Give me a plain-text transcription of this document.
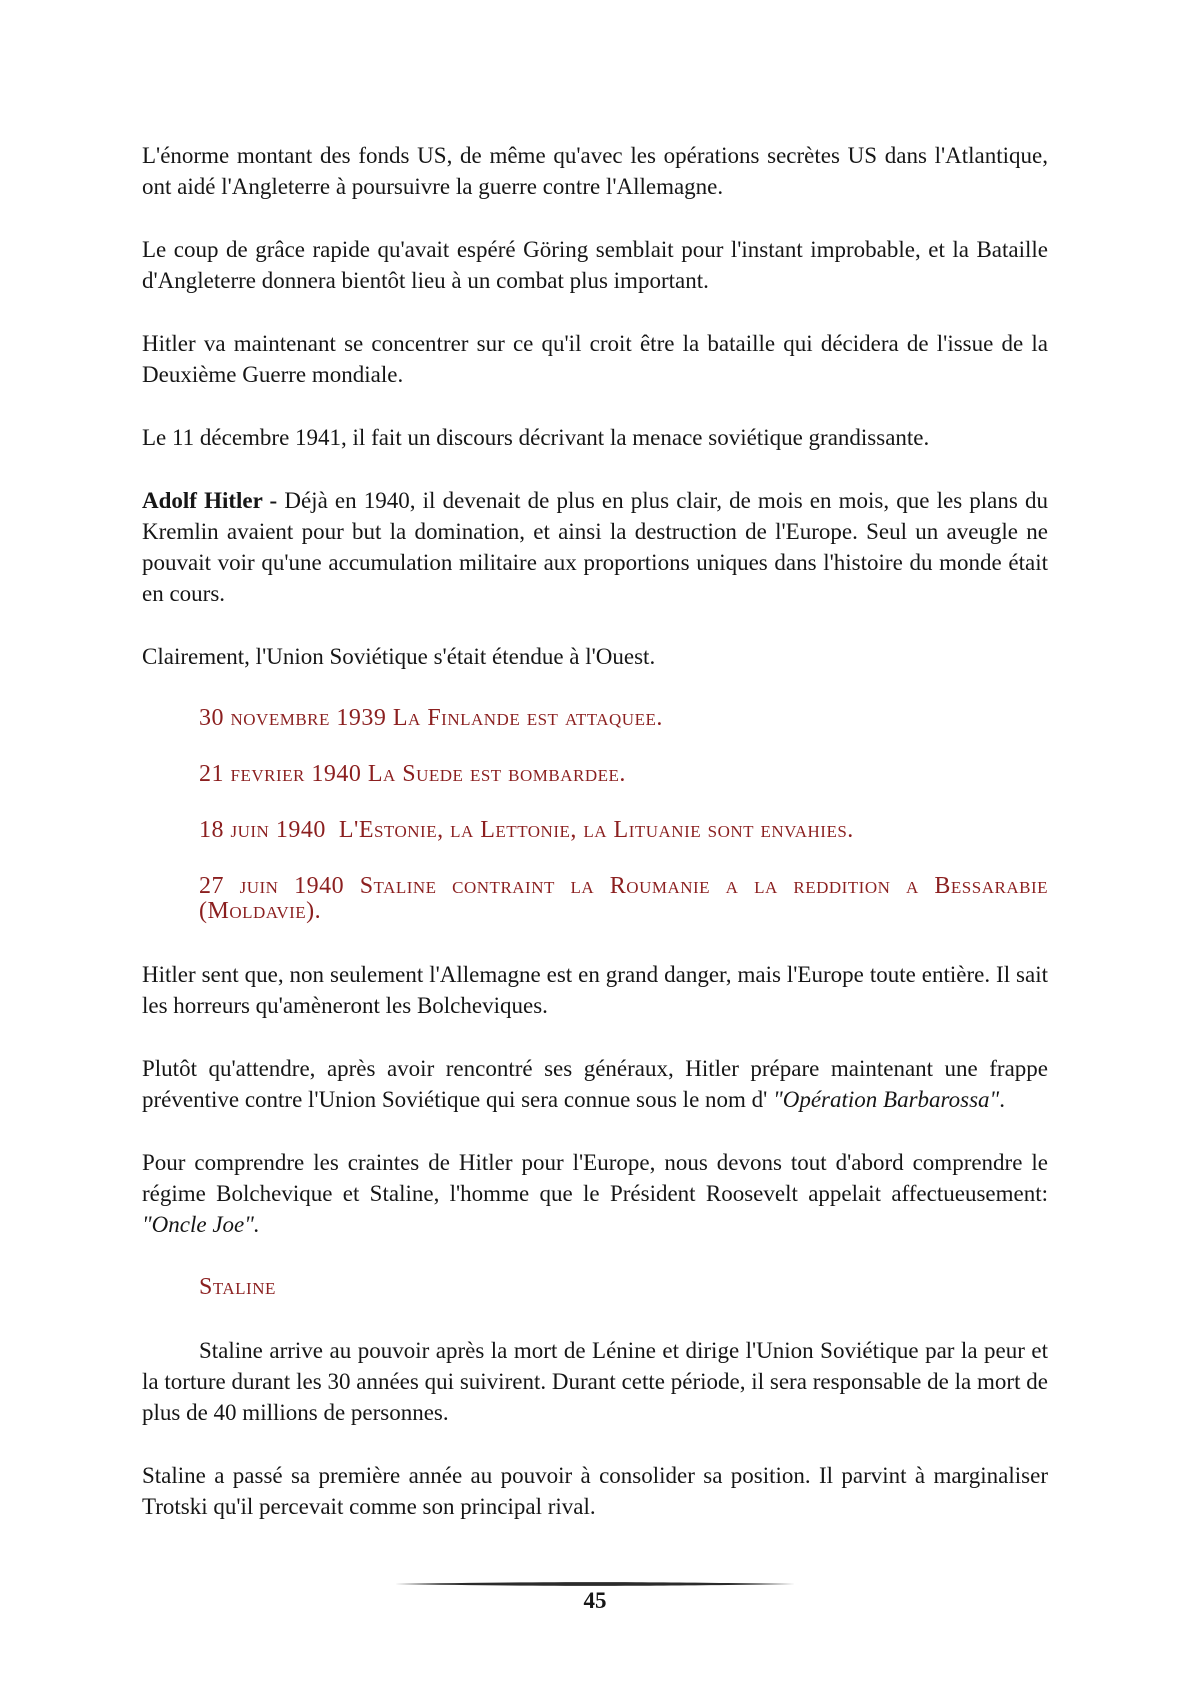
L'énorme montant des fonds US, de même qu'avec les opérations secrètes US dans l'Atlantique, ont aidé l'Angleterre à poursuivre la guerre contre l'Allemagne.

Le coup de grâce rapide qu'avait espéré Göring semblait pour l'instant improbable, et la Bataille d'Angleterre donnera bientôt lieu à un combat plus important.

Hitler va maintenant se concentrer sur ce qu'il croit être la bataille qui décidera de l'issue de la Deuxième Guerre mondiale.

Le 11 décembre 1941, il fait un discours décrivant la menace soviétique grandissante.

Adolf Hitler - Déjà en 1940, il devenait de plus en plus clair, de mois en mois, que les plans du Kremlin avaient pour but la domination, et ainsi la destruction de l'Europe. Seul un aveugle ne pouvait voir qu'une accumulation militaire aux proportions uniques dans l'histoire du monde était en cours.

Clairement, l'Union Soviétique s'était étendue à l'Ouest.

30 novembre 1939 La Finlande est attaquee.

21 fevrier 1940 La Suede est bombardee.

18 juin 1940  L'Estonie, la Lettonie, la Lituanie sont envahies.

27 juin 1940 Staline contraint la Roumanie a la reddition a Bessarabie (Moldavie).

Hitler sent que, non seulement l'Allemagne est en grand danger, mais l'Europe toute entière. Il sait les horreurs qu'amèneront les Bolcheviques.

Plutôt qu'attendre, après avoir rencontré ses généraux, Hitler prépare maintenant une frappe préventive contre l'Union Soviétique qui sera connue sous le nom d' "Opération Barbarossa".

Pour comprendre les craintes de Hitler pour l'Europe, nous devons tout d'abord comprendre le régime Bolchevique et Staline, l'homme que le Président Roosevelt appelait affectueusement: "Oncle Joe".

Staline

Staline arrive au pouvoir après la mort de Lénine et dirige l'Union Soviétique par la peur et la torture durant les 30 années qui suivirent. Durant cette période, il sera responsable de la mort de plus de 40 millions de personnes.

Staline a passé sa première année au pouvoir à consolider sa position. Il parvint à marginaliser Trotski qu'il percevait comme son principal rival.

45
